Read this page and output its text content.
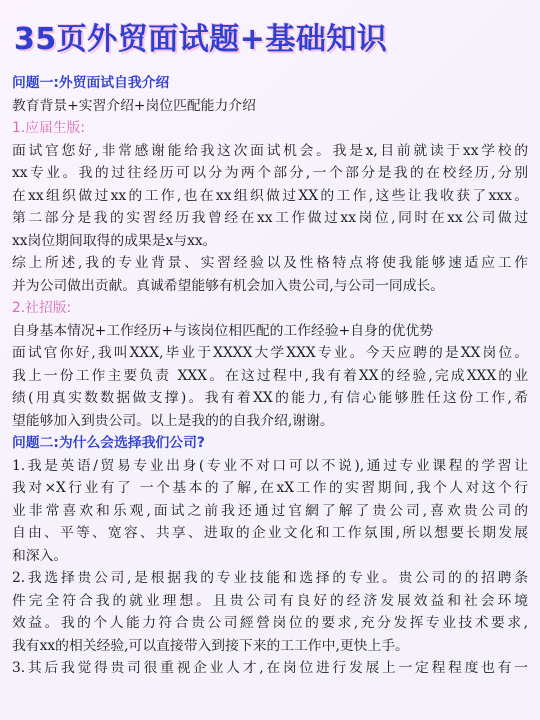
35页外贸面试题+基础知识
问题一:外贸面试自我介绍
教育背景+实習介绍+岗位匹配能力介绍
1.应届生版:
面试官您好,非常感谢能给我这次面试机会。我是x,目前就读于xx学校的
xx专业。我的过往经历可以分为两个部分,一个部分是我的在校经历,分别
在xx组织做过xx的工作,也在xx组织做过XX的工作,这些让我收获了xxx。
第二部分是我的实習经历我曾经在xx工作做过xx岗位,同时在xx公司做过
xx岗位期间取得的成果是x与xx。
综上所述,我的专业背景、实習经验以及性格特点将使我能够速适应工作
并为公司做出贡献。真诚希望能够有机会加入贵公司,与公司一同成长。
2.社招版:
自身基本情况+工作经历+与该岗位相匹配的工作经验+自身的优优势
面试官你好,我叫XXX,毕业于XXXX大学XXX专业。今天应聘的是XX岗位。
我上一份工作主要负责 XXX。在这过程中,我有着XX的经验,完成XXX的业
绩(用真实数数据做支撑)。我有着XX的能力,有信心能够胜任这份工作,希
望能够加入到贵公司。以上是我的的自我介绍,谢谢。
问题二:为什么会选择我们公司?
1.我是英语/贸易专业出身(专业不对口可以不说),通过专业课程的学習让
我对×X行业有了 一个基本的了解,在xX工作的实習期间,我个人对这个行
业非常喜欢和乐观,面试之前我还通过官網了解了贵公司,喜欢贵公司的
自由、平等、宽容、共享、进取的企业文化和工作氛围,所以想要长期发展
和深入。
2.我选择贵公司,是根据我的专业技能和选择的专业。贵公司的的招聘条
件完全符合我的就业理想。且贵公司有良好的经济发展效益和社会环境
效益。我的个人能力符合贵公司經營岗位的要求,充分发挥专业技术要求,
我有xx的相关经验,可以直接带入到接下来的工工作中,更快上手。
3.其后我觉得贵司很重视企业人才,在岗位进行发展上一定程程度也有一
